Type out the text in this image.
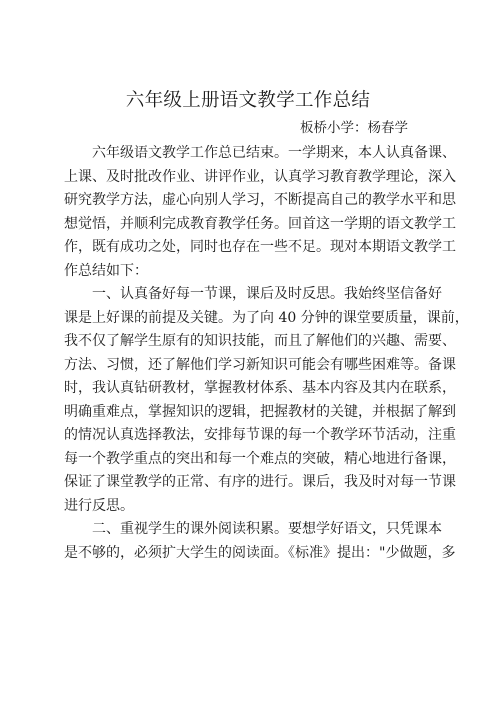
六年级上册语文教学工作总结
板桥小学：杨春学
六年级语文教学工作总已结束。一学期来，本人认真备课、
上课、及时批改作业、讲评作业，认真学习教育教学理论，深入
研究教学方法，虚心向别人学习，不断提高自己的教学水平和思
想觉悟，并顺利完成教育教学任务。回首这一学期的语文教学工
作，既有成功之处，同时也存在一些不足。现对本期语文教学工
作总结如下：
一、认真备好每一节课，课后及时反思。我始终坚信备好
课是上好课的前提及关键。为了向 40 分钟的课堂要质量，课前，
我不仅了解学生原有的知识技能，而且了解他们的兴趣、需要、
方法、习惯，还了解他们学习新知识可能会有哪些困难等。备课
时，我认真钻研教材，掌握教材体系、基本内容及其内在联系，
明确重难点，掌握知识的逻辑，把握教材的关键，并根据了解到
的情况认真选择教法，安排每节课的每一个教学环节活动，注重
每一个教学重点的突出和每一个难点的突破，精心地进行备课，
保证了课堂教学的正常、有序的进行。课后，我及时对每一节课
进行反思。
二、重视学生的课外阅读积累。要想学好语文，只凭课本
是不够的，必须扩大学生的阅读面。《标准》提出："少做题，多
